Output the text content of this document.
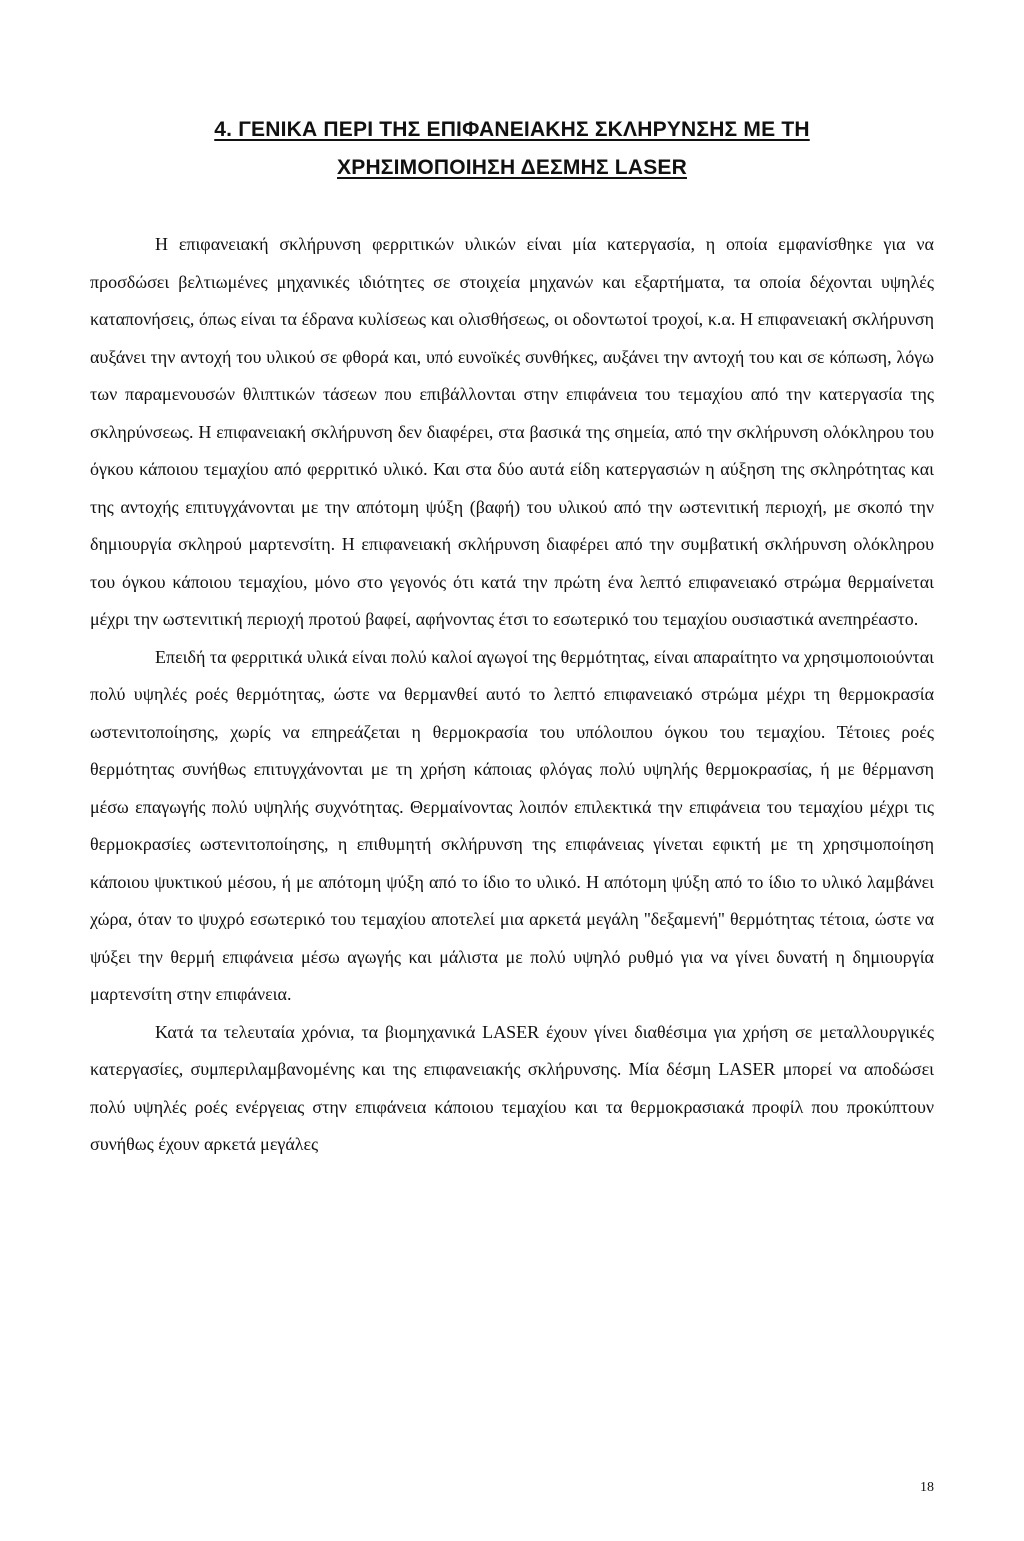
4. ΓΕΝΙΚΑ ΠΕΡΙ ΤΗΣ ΕΠΙΦΑΝΕΙΑΚΗΣ ΣΚΛΗΡΥΝΣΗΣ ΜΕ ΤΗ
ΧΡΗΣΙΜΟΠΟΙΗΣΗ ΔΕΣΜΗΣ LASER

Η επιφανειακή σκλήρυνση φερριτικών υλικών είναι μία κατεργασία, η οποία εμφανίσθηκε για να προσδώσει βελτιωμένες μηχανικές ιδιότητες σε στοιχεία μηχανών και εξαρτήματα, τα οποία δέχονται υψηλές καταπονήσεις, όπως είναι τα έδρανα κυλίσεως και ολισθήσεως, οι οδοντωτοί τροχοί, κ.α. Η επιφανειακή σκλήρυνση αυξάνει την αντοχή του υλικού σε φθορά και, υπό ευνοϊκές συνθήκες, αυξάνει την αντοχή του και σε κόπωση, λόγω των παραμενουσών θλιπτικών τάσεων που επιβάλλονται στην επιφάνεια του τεμαχίου από την κατεργασία της σκληρύνσεως. Η επιφανειακή σκλήρυνση δεν διαφέρει, στα βασικά της σημεία, από την σκλήρυνση ολόκληρου του όγκου κάποιου τεμαχίου από φερριτικό υλικό. Και στα δύο αυτά είδη κατεργασιών η αύξηση της σκληρότητας και της αντοχής επιτυγχάνονται με την απότομη ψύξη (βαφή) του υλικού από την ωστενιτική περιοχή, με σκοπό την δημιουργία σκληρού μαρτενσίτη. Η επιφανειακή σκλήρυνση διαφέρει από την συμβατική σκλήρυνση ολόκληρου του όγκου κάποιου τεμαχίου, μόνο στο γεγονός ότι κατά την πρώτη ένα λεπτό επιφανειακό στρώμα θερμαίνεται μέχρι την ωστενιτική περιοχή προτού βαφεί, αφήνοντας έτσι το εσωτερικό του τεμαχίου ουσιαστικά ανεπηρέαστο.

Επειδή τα φερριτικά υλικά είναι πολύ καλοί αγωγοί της θερμότητας, είναι απαραίτητο να χρησιμοποιούνται πολύ υψηλές ροές θερμότητας, ώστε να θερμανθεί αυτό το λεπτό επιφανειακό στρώμα μέχρι τη θερμοκρασία ωστενιτοποίησης, χωρίς να επηρεάζεται η θερμοκρασία του υπόλοιπου όγκου του τεμαχίου. Τέτοιες ροές θερμότητας συνήθως επιτυγχάνονται με τη χρήση κάποιας φλόγας πολύ υψηλής θερμοκρασίας, ή με θέρμανση μέσω επαγωγής πολύ υψηλής συχνότητας. Θερμαίνοντας λοιπόν επιλεκτικά την επιφάνεια του τεμαχίου μέχρι τις θερμοκρασίες ωστενιτοποίησης, η επιθυμητή σκλήρυνση της επιφάνειας γίνεται εφικτή με τη χρησιμοποίηση κάποιου ψυκτικού μέσου, ή με απότομη ψύξη από το ίδιο το υλικό. Η απότομη ψύξη από το ίδιο το υλικό λαμβάνει χώρα, όταν το ψυχρό εσωτερικό του τεμαχίου αποτελεί μια αρκετά μεγάλη ''δεξαμενή'' θερμότητας τέτοια, ώστε να ψύξει την θερμή επιφάνεια μέσω αγωγής και μάλιστα με πολύ υψηλό ρυθμό για να γίνει δυνατή η δημιουργία μαρτενσίτη στην επιφάνεια.

Κατά τα τελευταία χρόνια, τα βιομηχανικά LASER έχουν γίνει διαθέσιμα για χρήση σε μεταλλουργικές κατεργασίες, συμπεριλαμβανομένης και της επιφανειακής σκλήρυνσης. Μία δέσμη LASER μπορεί να αποδώσει πολύ υψηλές ροές ενέργειας στην επιφάνεια κάποιου τεμαχίου και τα θερμοκρασιακά προφίλ που προκύπτουν συνήθως έχουν αρκετά μεγάλες

18
